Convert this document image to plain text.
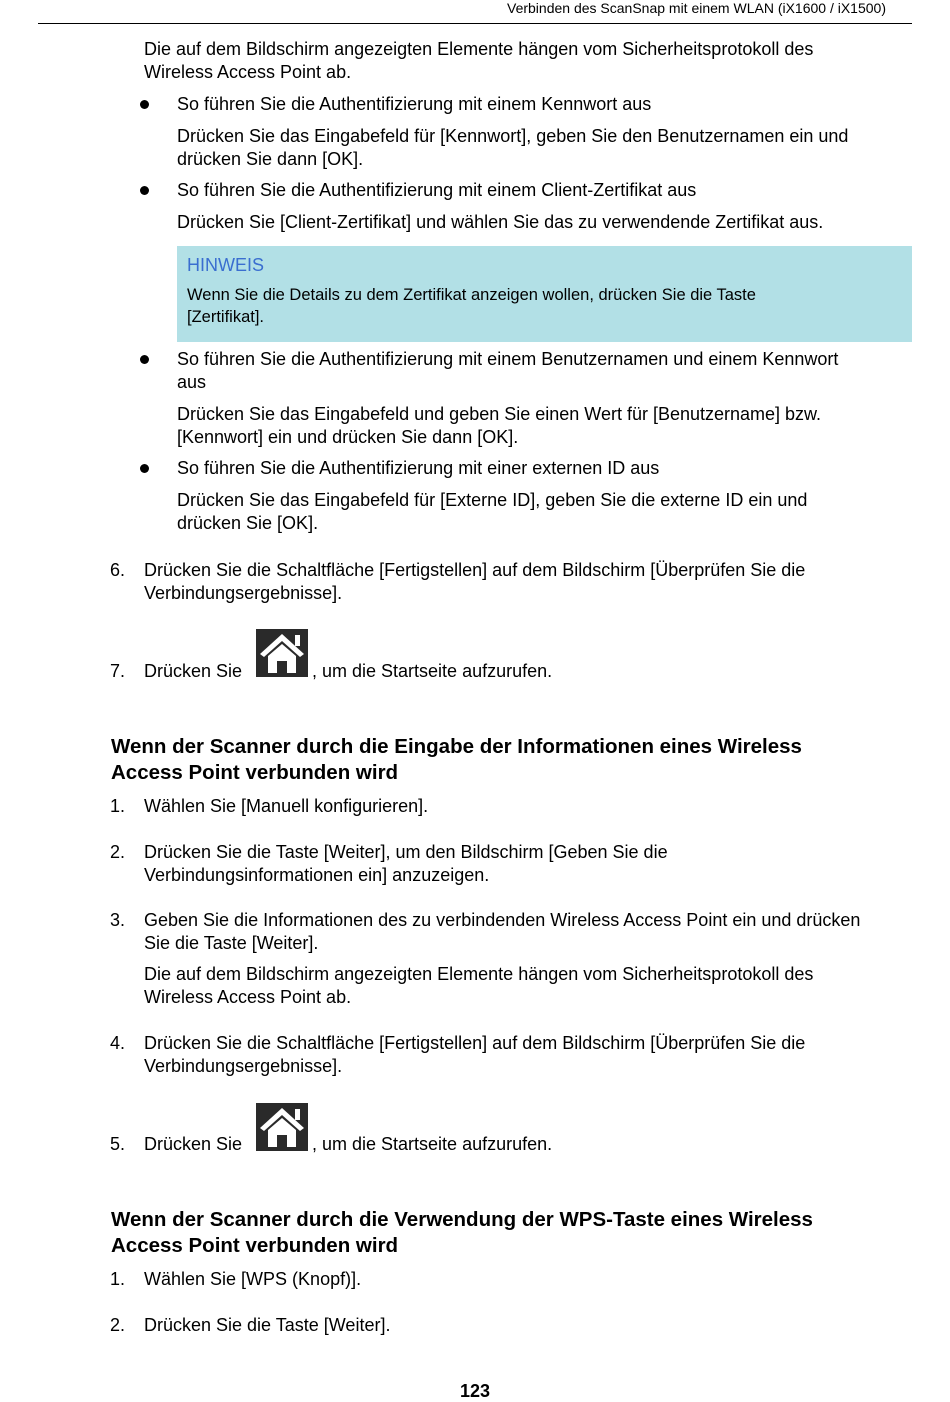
Verbinden des ScanSnap mit einem WLAN (iX1600 / iX1500)
Die auf dem Bildschirm angezeigten Elemente hängen vom Sicherheitsprotokoll des
Wireless Access Point ab.
So führen Sie die Authentifizierung mit einem Kennwort aus
Drücken Sie das Eingabefeld für [Kennwort], geben Sie den Benutzernamen ein und
drücken Sie dann [OK].
So führen Sie die Authentifizierung mit einem Client-Zertifikat aus
Drücken Sie [Client-Zertifikat] und wählen Sie das zu verwendende Zertifikat aus.
HINWEIS
Wenn Sie die Details zu dem Zertifikat anzeigen wollen, drücken Sie die Taste
[Zertifikat].
So führen Sie die Authentifizierung mit einem Benutzernamen und einem Kennwort
aus
Drücken Sie das Eingabefeld und geben Sie einen Wert für [Benutzername] bzw.
[Kennwort] ein und drücken Sie dann [OK].
So führen Sie die Authentifizierung mit einer externen ID aus
Drücken Sie das Eingabefeld für [Externe ID], geben Sie die externe ID ein und
drücken Sie [OK].
6. Drücken Sie die Schaltfläche [Fertigstellen] auf dem Bildschirm [Überprüfen Sie die
Verbindungsergebnisse].
7. Drücken Sie	, um die Startseite aufzurufen.
Wenn der Scanner durch die Eingabe der Informationen eines Wireless
Access Point verbunden wird
1. Wählen Sie [Manuell konfigurieren].
2. Drücken Sie die Taste [Weiter], um den Bildschirm [Geben Sie die
Verbindungsinformationen ein] anzuzeigen.
3. Geben Sie die Informationen des zu verbindenden Wireless Access Point ein und drücken
Sie die Taste [Weiter].
Die auf dem Bildschirm angezeigten Elemente hängen vom Sicherheitsprotokoll des
Wireless Access Point ab.
4. Drücken Sie die Schaltfläche [Fertigstellen] auf dem Bildschirm [Überprüfen Sie die
Verbindungsergebnisse].
5. Drücken Sie	, um die Startseite aufzurufen.
Wenn der Scanner durch die Verwendung der WPS-Taste eines Wireless
Access Point verbunden wird
1. Wählen Sie [WPS (Knopf)].
2. Drücken Sie die Taste [Weiter].
123
